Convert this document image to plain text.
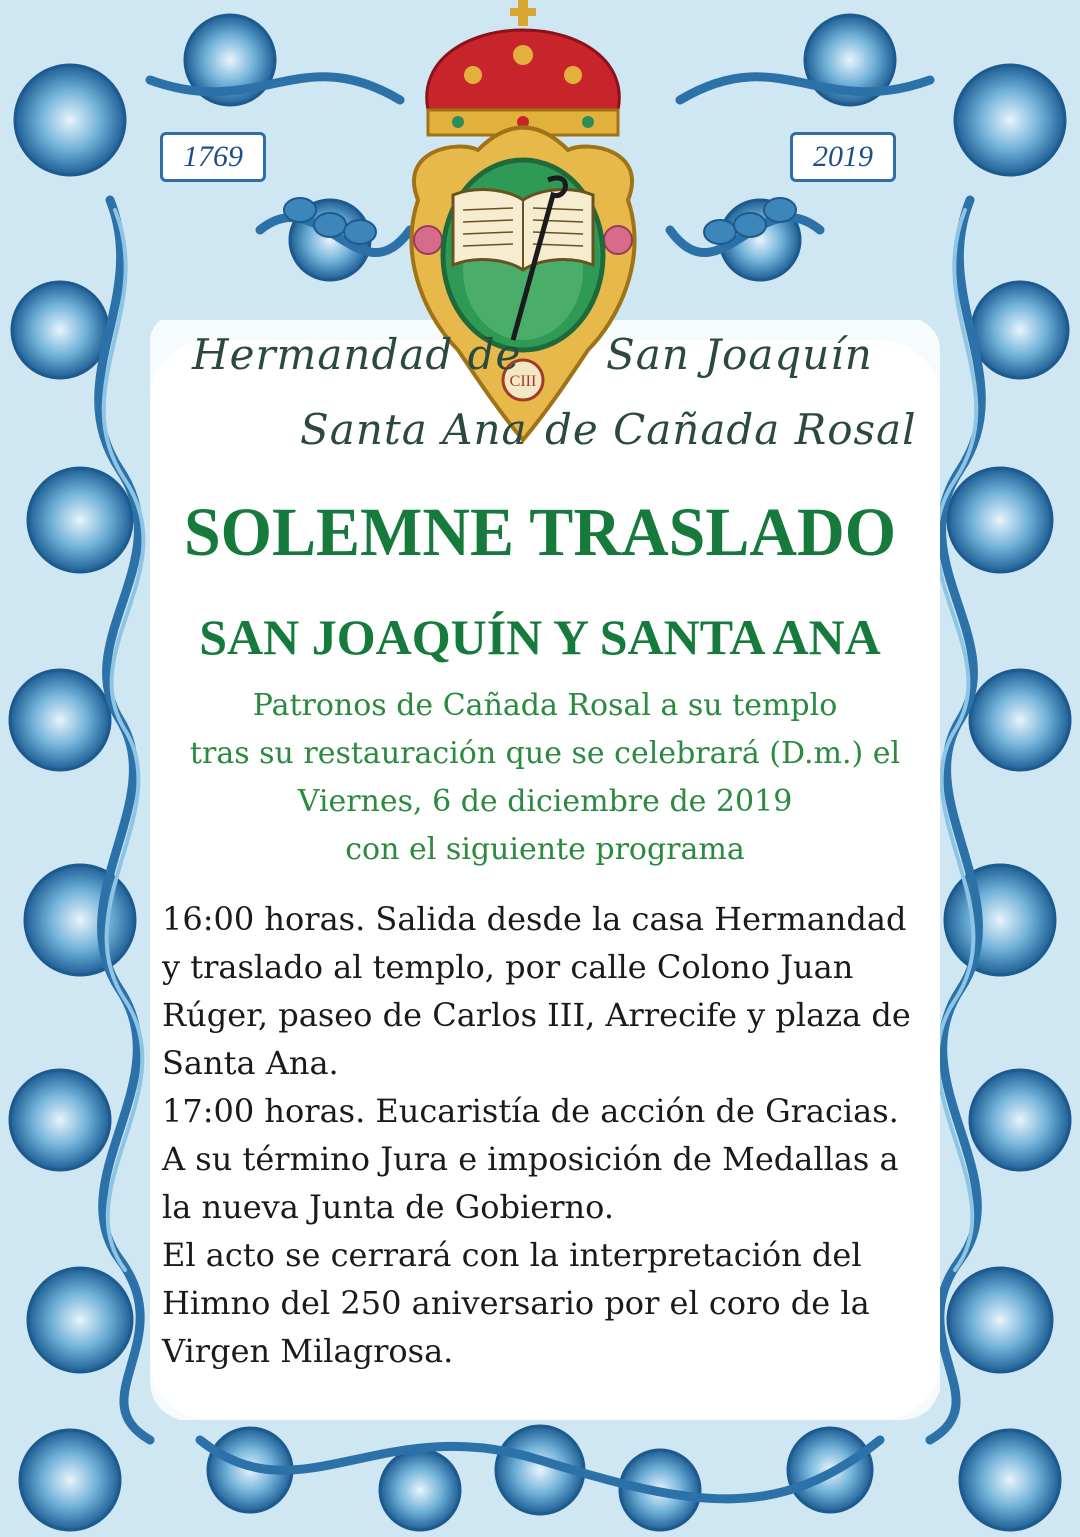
1769	2019
CIII
Hermandad de San Joaquín
Santa Ana de Cañada Rosal
SOLEMNE TRASLADO
SAN JOAQUÍN Y SANTA ANA
Patronos de Cañada Rosal a su templo
tras su restauración que se celebrará (D.m.) el
Viernes, 6 de diciembre de 2019
con el siguiente programa
16:00 horas. Salida desde la casa Hermandad
y traslado al templo, por calle Colono Juan
Rúger, paseo de Carlos III, Arrecife y plaza de
Santa Ana.
17:00 horas. Eucaristía de acción de Gracias.
A su término Jura e imposición de Medallas a
la nueva Junta de Gobierno.
El acto se cerrará con la interpretación del
Himno del 250 aniversario por el coro de la
Virgen Milagrosa.
